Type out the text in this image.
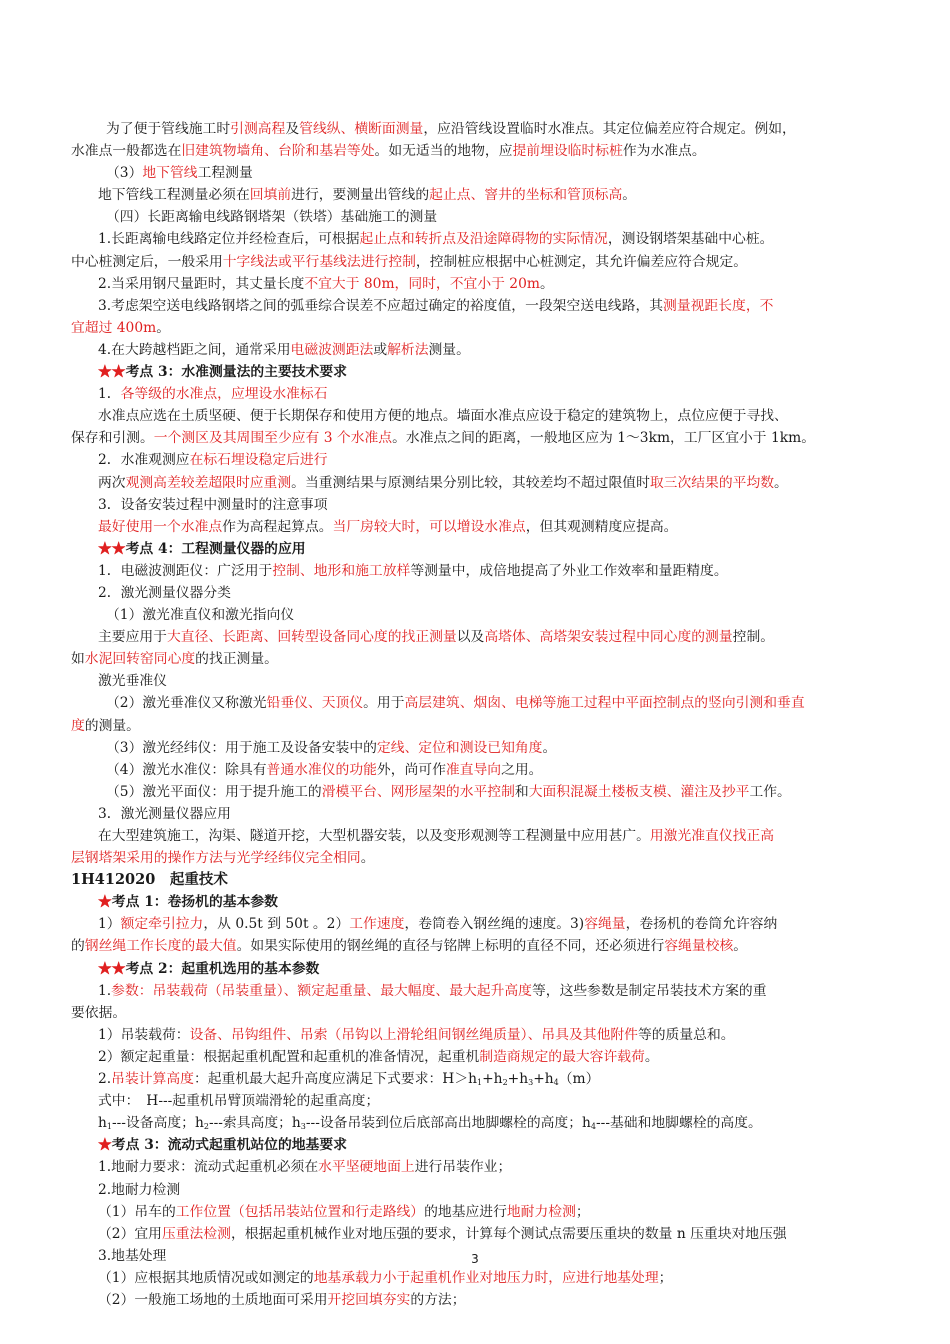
为了便于管线施工时引测高程及管线纵、横断面测量，应沿管线设置临时水准点。其定位偏差应符合规定。例如，
水准点一般都选在旧建筑物墙角、台阶和基岩等处。如无适当的地物，应提前埋设临时标桩作为水准点。
（3）地下管线工程测量
地下管线工程测量必须在回填前进行，要测量出管线的起止点、窨井的坐标和管顶标高。
（四）长距离输电线路钢塔架（铁塔）基础施工的测量
1.长距离输电线路定位并经检查后，可根据起止点和转折点及沿途障碍物的实际情况，测设钢塔架基础中心桩。
中心桩测定后，一般采用十字线法或平行基线法进行控制，控制桩应根据中心桩测定，其允许偏差应符合规定。
2.当采用钢尺量距时，其丈量长度不宜大于 80m，同时，不宜小于 20m。
3.考虑架空送电线路钢塔之间的弧垂综合误差不应超过确定的裕度值，一段架空送电线路，其测量视距长度，不
宜超过 400m。
4.在大跨越档距之间，通常采用电磁波测距法或解析法测量。
★★考点 3：水准测量法的主要技术要求
1．各等级的水准点，应埋设水准标石
水准点应选在土质坚硬、便于长期保存和使用方便的地点。墙面水准点应设于稳定的建筑物上，点位应便于寻找、
保存和引测。一个测区及其周围至少应有 3 个水准点。水准点之间的距离，一般地区应为 1～3km，工厂区宜小于 1km。
2．水准观测应在标石埋设稳定后进行
两次观测高差较差超限时应重测。当重测结果与原测结果分别比较，其较差均不超过限值时取三次结果的平均数。
3．设备安装过程中测量时的注意事项
最好使用一个水准点作为高程起算点。当厂房较大时，可以增设水准点，但其观测精度应提高。
★★考点 4：工程测量仪器的应用
1．电磁波测距仪：广泛用于控制、地形和施工放样等测量中，成倍地提高了外业工作效率和量距精度。
2．激光测量仪器分类
（1）激光准直仪和激光指向仪
主要应用于大直径、长距离、回转型设备同心度的找正测量以及高塔体、高塔架安装过程中同心度的测量控制。
如水泥回转窑同心度的找正测量。
激光垂准仪
（2）激光垂准仪又称激光铅垂仪、天顶仪。用于高层建筑、烟囱、电梯等施工过程中平面控制点的竖向引测和垂直
度的测量。
（3）激光经纬仪：用于施工及设备安装中的定线、定位和测设已知角度。
（4）激光水准仪：除具有普通水准仪的功能外，尚可作准直导向之用。
（5）激光平面仪：用于提升施工的滑模平台、网形屋架的水平控制和大面积混凝土楼板支模、灌注及抄平工作。
3．激光测量仪器应用
在大型建筑施工，沟渠、隧道开挖，大型机器安装，以及变形观测等工程测量中应用甚广。用激光准直仪找正高
层钢塔架采用的操作方法与光学经纬仪完全相同。
1H412020　起重技术
★考点 1：卷扬机的基本参数
1）额定牵引拉力，从 0.5t 到 50t 。2）工作速度，卷筒卷入钢丝绳的速度。3)容绳量，卷扬机的卷筒允许容纳
的钢丝绳工作长度的最大值。如果实际使用的钢丝绳的直径与铭牌上标明的直径不同，还必须进行容绳量校核。
★★考点 2：起重机选用的基本参数
1.参数：吊装载荷（吊装重量）、额定起重量、最大幅度、最大起升高度等，这些参数是制定吊装技术方案的重
要依据。
1）吊装载荷：设备、吊钩组件、吊索（吊钩以上滑轮组间钢丝绳质量）、吊具及其他附件等的质量总和。
2）额定起重量：根据起重机配置和起重机的准备情况，起重机制造商规定的最大容许载荷。
2.吊装计算高度：起重机最大起升高度应满足下式要求：$H>h_1+h_2+h_3+h_4(m)$
式中：　H---起重机吊臂顶端滑轮的起重高度；
$h_1---$设备高度；$h_2---$索具高度；$h_3---$设备吊装到位后底部高出地脚螺栓的高度；$h_4---$基础和地脚螺栓的高度。
★考点 3：流动式起重机站位的地基要求
1.地耐力要求：流动式起重机必须在水平坚硬地面上进行吊装作业；
2.地耐力检测
（1）吊车的工作位置（包括吊装站位置和行走路线）的地基应进行地耐力检测；
（2）宜用压重法检测，根据起重机械作业对地压强的要求，计算每个测试点需要压重块的数量 n 压重块对地压强
3.地基处理
（1）应根据其地质情况或如测定的地基承载力小于起重机作业对地压力时，应进行地基处理；
（2）一般施工场地的土质地面可采用开挖回填夯实的方法；
3
